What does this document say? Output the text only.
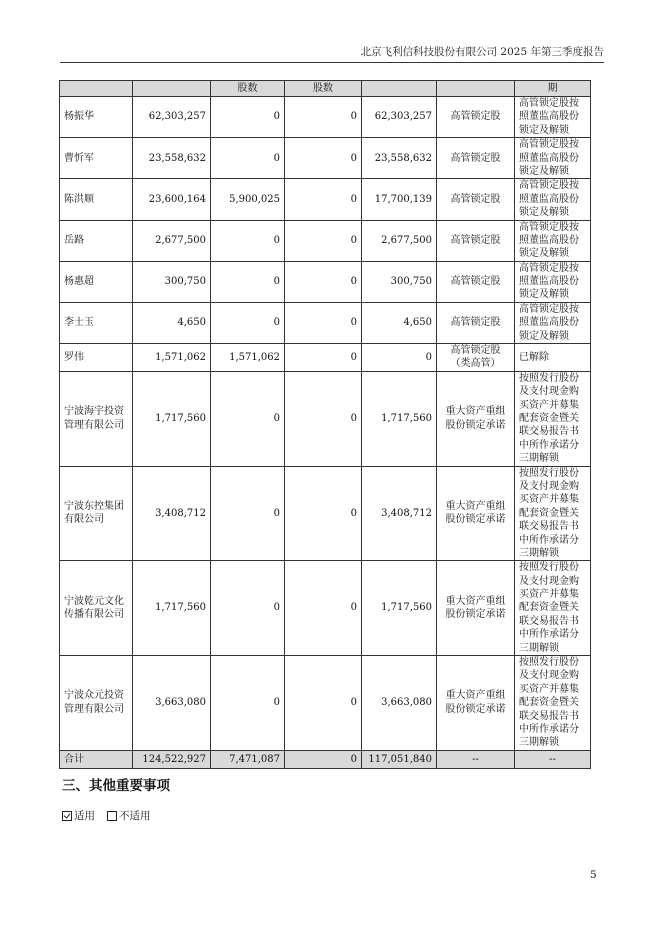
北京飞利信科技股份有限公司 2025 年第三季度报告
		股数	股数			期
杨振华	62,303,257	0	0	62,303,257	高管锁定股	高管锁定股按照董监高股份锁定及解锁
曹忻军	23,558,632	0	0	23,558,632	高管锁定股	高管锁定股按照董监高股份锁定及解锁
陈洪顺	23,600,164	5,900,025	0	17,700,139	高管锁定股	高管锁定股按照董监高股份锁定及解锁
岳路	2,677,500	0	0	2,677,500	高管锁定股	高管锁定股按照董监高股份锁定及解锁
杨惠超	300,750	0	0	300,750	高管锁定股	高管锁定股按照董监高股份锁定及解锁
李士玉	4,650	0	0	4,650	高管锁定股	高管锁定股按照董监高股份锁定及解锁
罗伟	1,571,062	1,571,062	0	0	高管锁定股（类高管）	已解除
宁波海宇投资管理有限公司	1,717,560	0	0	1,717,560	重大资产重组股份锁定承诺	按照发行股份及支付现金购买资产并募集配套资金暨关联交易报告书中所作承诺分三期解锁
宁波东控集团有限公司	3,408,712	0	0	3,408,712	重大资产重组股份锁定承诺	按照发行股份及支付现金购买资产并募集配套资金暨关联交易报告书中所作承诺分三期解锁
宁波乾元文化传播有限公司	1,717,560	0	0	1,717,560	重大资产重组股份锁定承诺	按照发行股份及支付现金购买资产并募集配套资金暨关联交易报告书中所作承诺分三期解锁
宁波众元投资管理有限公司	3,663,080	0	0	3,663,080	重大资产重组股份锁定承诺	按照发行股份及支付现金购买资产并募集配套资金暨关联交易报告书中所作承诺分三期解锁
合计	124,522,927	7,471,087	0	117,051,840	--	--
三、其他重要事项
适用 不适用
5
